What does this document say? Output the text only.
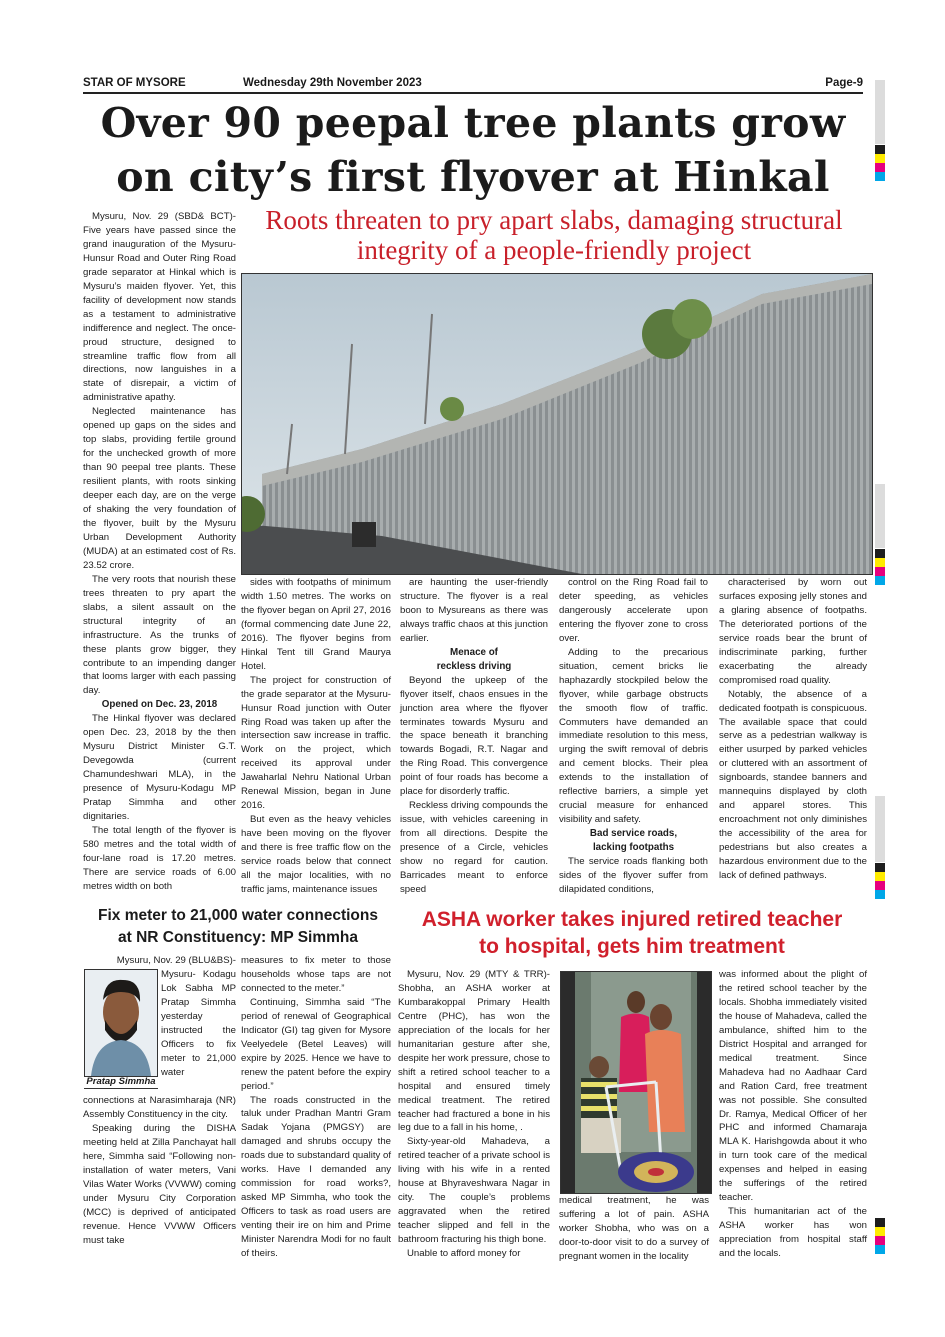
STAR OF MYSORE	Wednesday 29th November 2023	Page-9
Over 90 peepal tree plants grow
on city’s first flyover at Hinkal
Roots threaten to pry apart slabs, damaging structural
integrity of a people-friendly project

Mysuru, Nov. 29 (SBD& BCT)- Five years have passed since the grand inauguration of the Mysuru-Hunsur Road and Outer Ring Road grade separator at Hinkal which is Mysuru’s maiden flyover. Yet, this facility of development now stands as a testament to administrative indifference and neglect. The once-proud structure, designed to streamline traffic flow from all directions, now languishes in a state of disrepair, a victim of administrative apathy.

Neglected maintenance has opened up gaps on the sides and top slabs, providing fertile ground for the unchecked growth of more than 90 peepal tree plants. These resilient plants, with roots sinking deeper each day, are on the verge of shaking the very foundation of the flyover, built by the Mysuru Urban Development Authority (MUDA) at an estimated cost of Rs. 23.52 crore.

The very roots that nourish these trees threaten to pry apart the slabs, a silent assault on the structural integrity of an infrastructure. As the trunks of these plants grow bigger, they contribute to an impending danger that looms larger with each passing day.

Opened on Dec. 23, 2018

The Hinkal flyover was declared open Dec. 23, 2018 by the then Mysuru District Minister G.T. Devegowda (current Chamundeshwari MLA), in the presence of Mysuru-Kodagu MP Pratap Simmha and other dignitaries.

The total length of the flyover is 580 metres and the total width of four-lane road is 17.20 metres. There are service roads of 6.00 metres width on both

sides with footpaths of minimum width 1.50 metres. The works on the flyover began on April 27, 2016 (formal commencing date June 22, 2016). The flyover begins from Hinkal Tent till Grand Maurya Hotel.

The project for construction of the grade separator at the Mysuru-Hunsur Road junction with Outer Ring Road was taken up after the intersection saw increase in traffic. Work on the project, which received its approval under Jawaharlal Nehru National Urban Renewal Mission, began in June 2016.

But even as the heavy vehicles have been moving on the flyover and there is free traffic flow on the service roads below that connect all the major localities, with no traffic jams, maintenance issues

are haunting the user-friendly structure. The flyover is a real boon to Mysureans as there was always traffic chaos at this junction earlier.

Menace of
reckless driving

Beyond the upkeep of the flyover itself, chaos ensues in the junction area where the flyover terminates towards Mysuru and the space beneath it branching towards Bogadi, R.T. Nagar and the Ring Road. This convergence point of four roads has become a place for disorderly traffic.

Reckless driving compounds the issue, with vehicles careening in from all directions. Despite the presence of a Circle, vehicles show no regard for caution. Barricades meant to enforce speed

control on the Ring Road fail to deter speeding, as vehicles dangerously accelerate upon entering the flyover zone to cross over.

Adding to the precarious situation, cement bricks lie haphazardly stockpiled below the flyover, while garbage obstructs the smooth flow of traffic. Commuters have demanded an immediate resolution to this mess, urging the swift removal of debris and cement blocks. Their plea extends to the installation of reflective barriers, a simple yet crucial measure for enhanced visibility and safety.

Bad service roads,
lacking footpaths

The service roads flanking both sides of the flyover suffer from dilapidated conditions,

characterised by worn out surfaces exposing jelly stones and a glaring absence of footpaths. The deteriorated portions of the service roads bear the brunt of indiscriminate parking, further exacerbating the already compromised road quality.

Notably, the absence of a dedicated footpath is conspicuous. The available space that could serve as a pedestrian walkway is either usurped by parked vehicles or cluttered with an assortment of signboards, standee banners and mannequins displayed by cloth and apparel stores. This encroachment not only diminishes the accessibility of the area for pedestrians but also creates a hazardous environment due to the lack of defined pathways.

Fix meter to 21,000 water connections
at NR Constituency: MP Simmha
Mysuru, Nov. 29 (BLU&BS)-
Pratap Simmha

Mysuru- Kodagu Lok Sabha MP Pratap Simmha yesterday instructed the Officers to fix meter to 21,000 water

connections at Narasimharaja (NR) Assembly Constituency in the city.

Speaking during the DISHA meeting held at Zilla Panchayat hall here, Simmha said “Following non-installation of water meters, Vani Vilas Water Works (VVWW) coming under Mysuru City Corporation (MCC) is deprived of anticipated revenue. Hence VVWW Officers must take

measures to fix meter to those households whose taps are not connected to the meter.”

Continuing, Simmha said “The period of renewal of Geographical Indicator (GI) tag given for Mysore Veelyedele (Betel Leaves) will expire by 2025. Hence we have to renew the patent before the expiry period.”

The roads constructed in the taluk under Pradhan Mantri Gram Sadak Yojana (PMGSY) are damaged and shrubs occupy the roads due to substandard quality of works. Have I demanded any commission for road works?, asked MP Simmha, who took the Officers to task as road users are venting their ire on him and Prime Minister Narendra Modi for no fault of theirs.

ASHA worker takes injured retired teacher
to hospital, gets him treatment

Mysuru, Nov. 29 (MTY & TRR)- Shobha, an ASHA worker at Kumbarakoppal Primary Health Centre (PHC), has won the appreciation of the locals for her humanitarian gesture after she, despite her work pressure, chose to shift a retired school teacher to a hospital and ensured timely medical treatment. The retired teacher had fractured a bone in his leg due to a fall in his home, .

Sixty-year-old Mahadeva, a retired teacher of a private school is living with his wife in a rented house at Bhyraveshwara Nagar in city. The couple’s problems aggravated when the retired teacher slipped and fell in the bathroom fracturing his thigh bone.

Unable to afford money for

medical treatment, he was suffering a lot of pain. ASHA worker Shobha, who was on a door-to-door visit to do a survey of pregnant women in the locality

was informed about the plight of the retired school teacher by the locals. Shobha immediately visited the house of Mahadeva, called the ambulance, shifted him to the District Hospital and arranged for medical treatment. Since Mahadeva had no Aadhaar Card and Ration Card, free treatment was not possible. She consulted Dr. Ramya, Medical Officer of her PHC and informed Chamaraja MLA K. Harishgowda about it who in turn took care of the medical expenses and helped in easing the sufferings of the retired teacher.

This humanitarian act of the ASHA worker has won appreciation from hospital staff and the locals.
